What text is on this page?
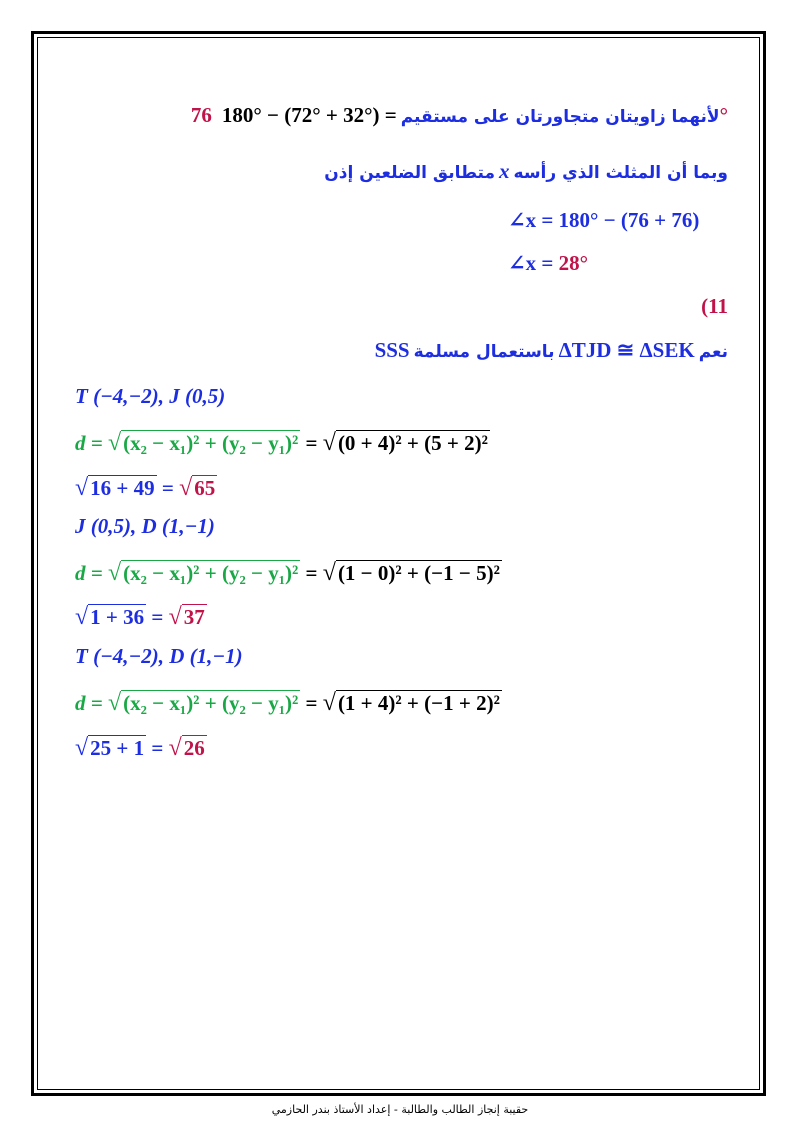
لأنهما زاويتان متجاورتان على مستقيم = (°32 + °72) − °180 76°
وبما أن المثلث الذي رأسه x متطابق الضلعين إذن
∠x = 180° − (76 + 76)
∠x = 28°
(11
نعم ΔTJD ≅ ΔSEK باستعمال مسلمة SSS
T (−4,−2), J (0,5)
d = √(x₂ − x₁)² + (y₂ − y₁)² = √(0 + 4)² + (5 + 2)²
√16 + 49 = √65
J (0,5), D (1,−1)
d = √(x₂ − x₁)² + (y₂ − y₁)² = √(1 − 0)² + (−1 − 5)²
√1 + 36 = √37
T (−4,−2), D (1,−1)
d = √(x₂ − x₁)² + (y₂ − y₁)² = √(1 + 4)² + (−1 + 2)²
√25 + 1 = √26
حقيبة إنجاز الطالب والطالبة - إعداد الأستاذ بندر الحازمي
